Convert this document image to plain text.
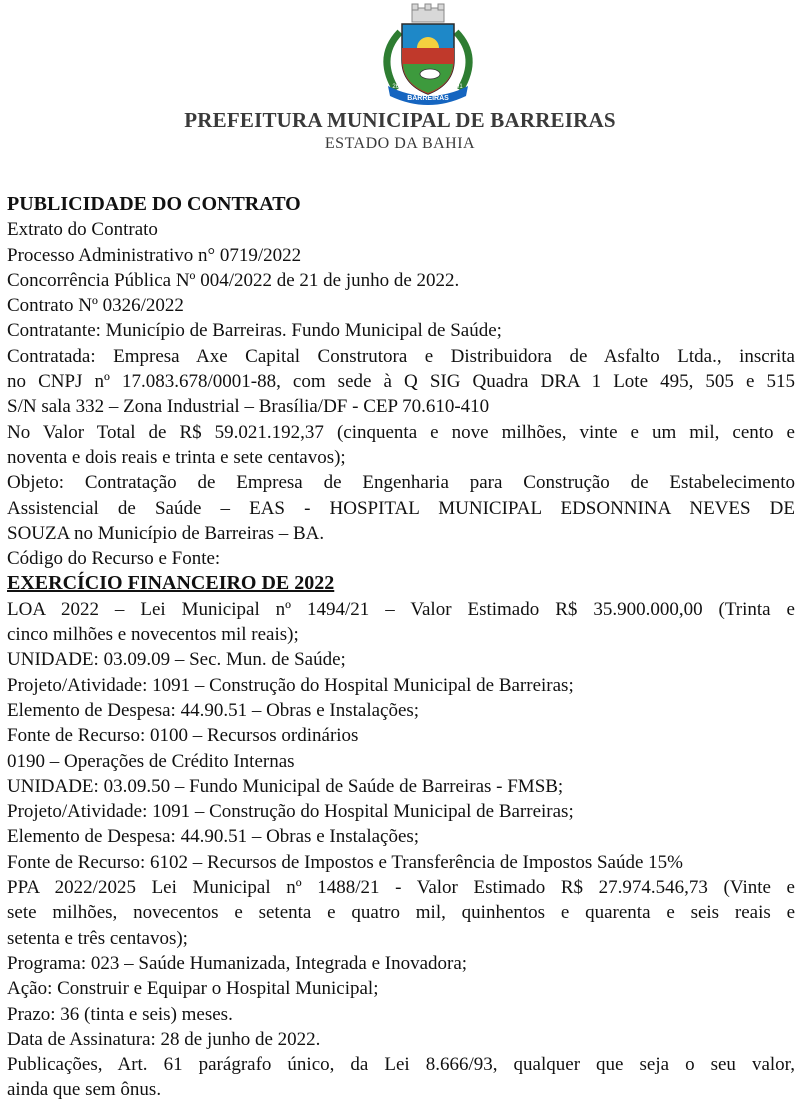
BARREIRAS
26-05	1891
PREFEITURA MUNICIPAL DE BARREIRAS
ESTADO DA BAHIA
PUBLICIDADE DO CONTRATO
Extrato do Contrato
Processo Administrativo n° 0719/2022
Concorrência Pública Nº 004/2022 de 21 de junho de 2022.
Contrato Nº 0326/2022
Contratante: Município de Barreiras. Fundo Municipal de Saúde;
Contratada: Empresa Axe Capital Construtora e Distribuidora de Asfalto Ltda., inscrita
no CNPJ nº 17.083.678/0001-88, com sede à Q SIG Quadra DRA 1 Lote 495, 505 e 515
S/N sala 332 – Zona Industrial – Brasília/DF - CEP 70.610-410
No Valor Total de R$ 59.021.192,37 (cinquenta e nove milhões, vinte e um mil, cento e
noventa e dois reais e trinta e sete centavos);
Objeto: Contratação de Empresa de Engenharia para Construção de Estabelecimento
Assistencial de Saúde – EAS - HOSPITAL MUNICIPAL EDSONNINA NEVES DE
SOUZA no Município de Barreiras – BA.
Código do Recurso e Fonte:
EXERCÍCIO FINANCEIRO DE 2022
LOA 2022 – Lei Municipal nº 1494/21 – Valor Estimado R$ 35.900.000,00 (Trinta e
cinco milhões e novecentos mil reais);
UNIDADE: 03.09.09 – Sec. Mun. de Saúde;
Projeto/Atividade: 1091 – Construção do Hospital Municipal de Barreiras;
Elemento de Despesa: 44.90.51 – Obras e Instalações;
Fonte de Recurso: 0100 – Recursos ordinários
0190 – Operações de Crédito Internas
UNIDADE: 03.09.50 – Fundo Municipal de Saúde de Barreiras - FMSB;
Projeto/Atividade: 1091 – Construção do Hospital Municipal de Barreiras;
Elemento de Despesa: 44.90.51 – Obras e Instalações;
Fonte de Recurso: 6102 – Recursos de Impostos e Transferência de Impostos Saúde 15%
PPA 2022/2025 Lei Municipal nº 1488/21 - Valor Estimado R$ 27.974.546,73 (Vinte e
sete milhões, novecentos e setenta e quatro mil, quinhentos e quarenta e seis reais e
setenta e três centavos);
Programa: 023 – Saúde Humanizada, Integrada e Inovadora;
Ação: Construir e Equipar o Hospital Municipal;
Prazo: 36 (tinta e seis) meses.
Data de Assinatura: 28 de junho de 2022.
Publicações, Art. 61 parágrafo único, da Lei 8.666/93, qualquer que seja o seu valor,
ainda que sem ônus.
